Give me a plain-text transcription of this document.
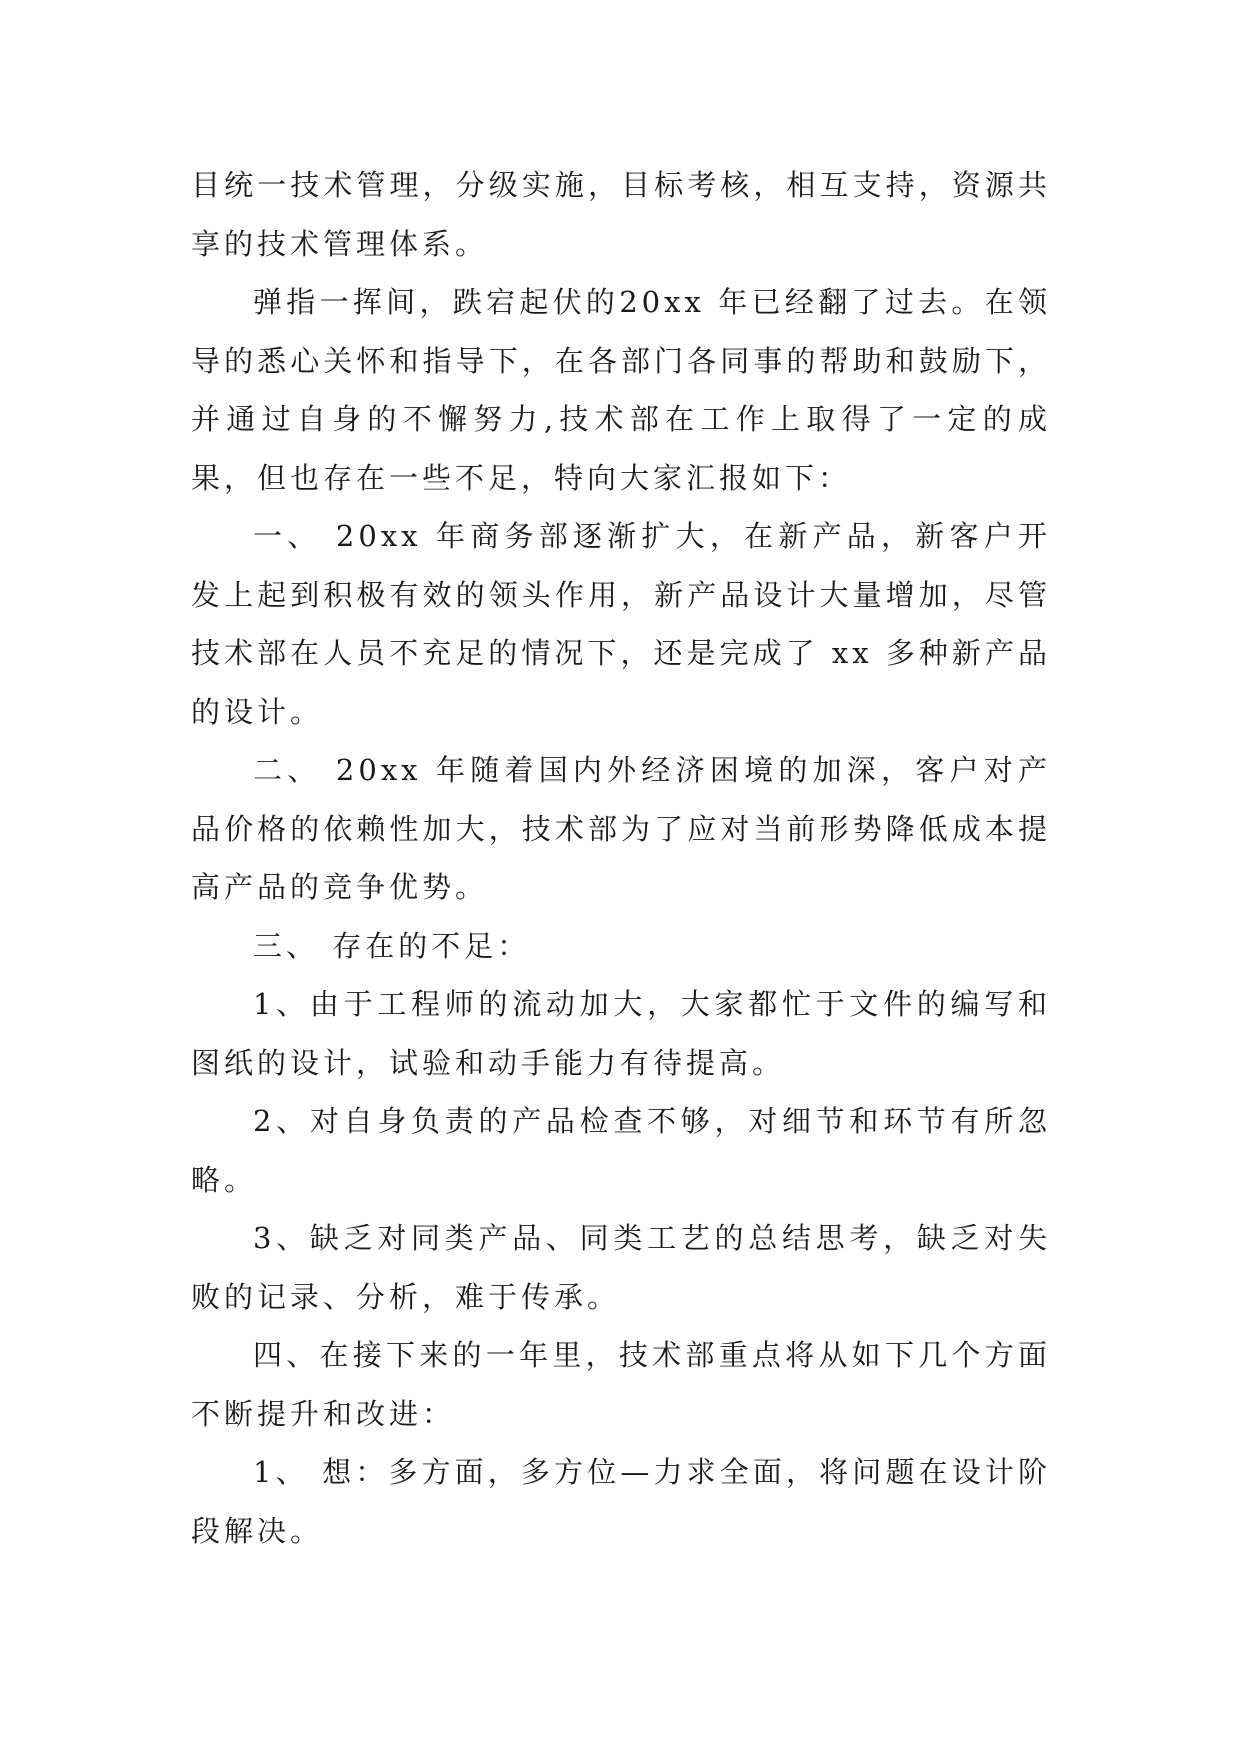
目统一技术管理，分级实施，目标考核，相互支持，资源共享的技术管理体系。

弹指一挥间，跌宕起伏的20xx 年已经翻了过去。在领导的悉心关怀和指导下，在各部门各同事的帮助和鼓励下，并通过自身的不懈努力,技术部在工作上取得了一定的成果，但也存在一些不足，特向大家汇报如下：

一、 20xx 年商务部逐渐扩大，在新产品，新客户开发上起到积极有效的领头作用，新产品设计大量增加，尽管技术部在人员不充足的情况下，还是完成了 xx 多种新产品的设计。

二、 20xx 年随着国内外经济困境的加深，客户对产品价格的依赖性加大，技术部为了应对当前形势降低成本提高产品的竞争优势。

三、 存在的不足：

1、由于工程师的流动加大，大家都忙于文件的编写和图纸的设计，试验和动手能力有待提高。

2、对自身负责的产品检查不够，对细节和环节有所忽略。

3、缺乏对同类产品、同类工艺的总结思考，缺乏对失败的记录、分析，难于传承。

四、在接下来的一年里，技术部重点将从如下几个方面不断提升和改进：

1、 想：多方面，多方位—力求全面，将问题在设计阶段解决。
